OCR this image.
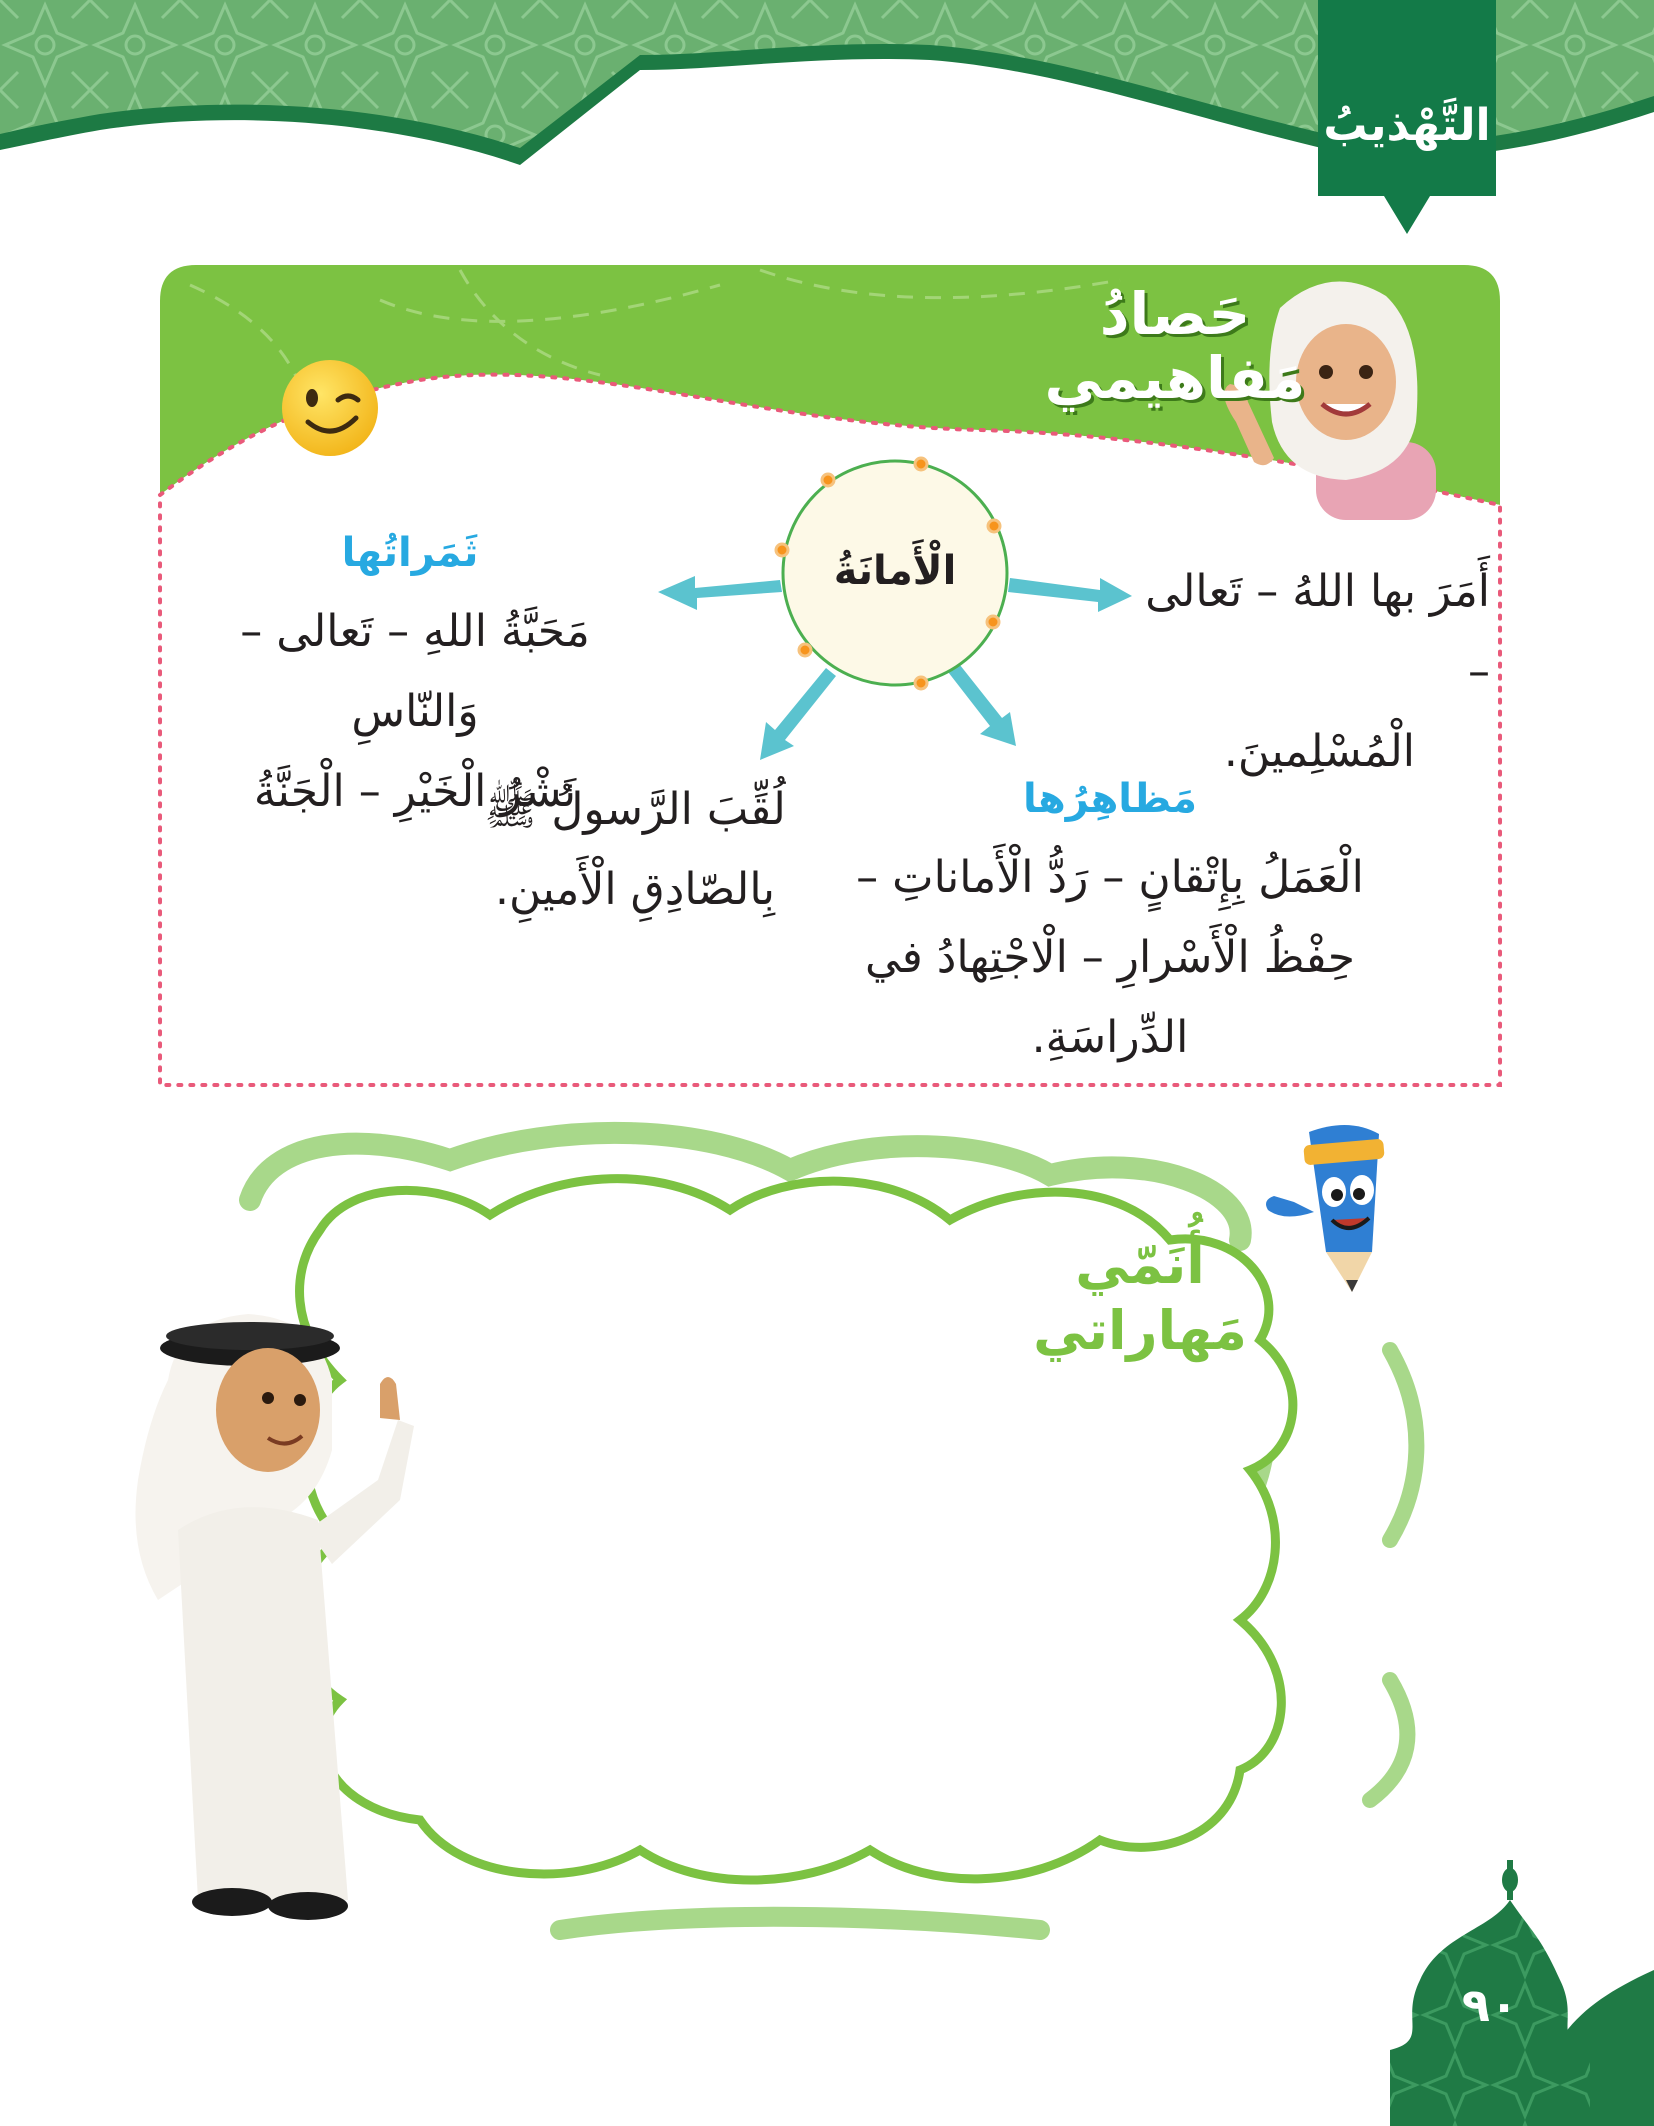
التَّهْذيبُ
حَصادُ
مَفاهيمي
الْأَمانَةُ	أَمَرَ بها اللهُ – تَعالى –
الْمُسْلِمينَ.
ثَمَراتُها
مَحَبَّةُ اللهِ – تَعالى – وَالنّاسِ
نَشْرُ الْخَيْرِ – الْجَنَّةُ	مَظاهِرُها
الْعَمَلُ بِإِتْقانٍ – رَدُّ الْأَماناتِ –
حِفْظُ الْأَسْرارِ – الْاجْتِهادُ في
الدِّراسَةِ.
لُقِّبَ الرَّسولُ ﷺ
بِالصّادِقِ الْأَمينِ.
أُنَمّي
مَهاراتي
٩٠
